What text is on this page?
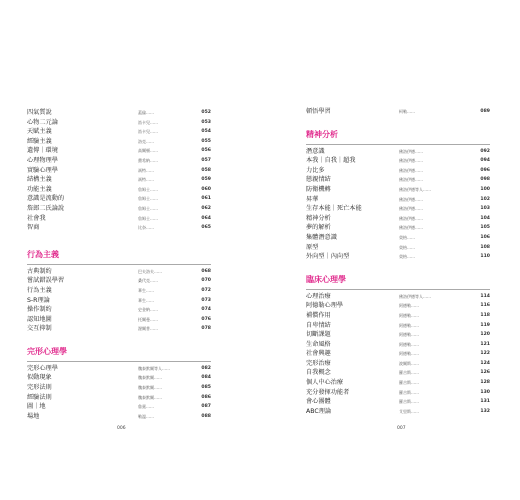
四氣質說	蓋倫……	052
心物二元論	笛卡兒……	053
天賦主義	笛卡兒……	054
經驗主義	洛克……	055
遺傳｜環境	高爾頓……	056
心理物理學	費希納……	057
實驗心理學	馮特……	058
結構主義	馮特……	059
功能主義	詹姆士……	060
意識是流動的	詹姆士……	061
詹郎二氏論說	詹姆士……	062
社會我	詹姆士……	064
智商	比奈……	065
行為主義
古典制約	巴夫洛夫……	068
嘗試錯誤學習	桑代克……	070
行為主義	華生……	072
S-R理論	華生……	073
操作制約	史金納……	074
認知地圖	托爾曼……	076
交互抑制	渥爾普……	078
完形心理學
完形心理學	魏泰默爾等人……	082
似動現象	魏泰默爾……	084
完形法則	魏泰默爾……	085
經驗法則	魏泰默爾……	086
圖｜地	魯賓……	087
場地	勒溫……	088
006
頓悟學習	柯勒……	089
精神分析
潛意識	佛洛伊德……	092
本我｜自我｜超我	佛洛伊德……	094
力比多	佛洛伊德……	096
戀親情結	佛洛伊德……	098
防衛機轉	佛洛伊德等人……	100
昇華	佛洛伊德……	102
生存本能｜死亡本能	佛洛伊德……	103
精神分析	佛洛伊德……	104
夢的解析	佛洛伊德……	105
集體潛意識	榮格……	106
原型	榮格……	108
外向型｜內向型	榮格……	110
臨床心理學
心理治療	佛洛伊德等人……	114
阿德勒心理學	阿德勒……	116
補償作用	阿德勒……	118
自卑情結	阿德勒……	119
切斷課題	阿德勒……	120
生命風格	阿德勒……	121
社會興趣	阿德勒……	122
完形治療	波爾斯……	124
自我概念	羅吉斯……	126
個人中心治療	羅吉斯……	128
充分發揮功能者	羅吉斯……	130
會心團體	羅吉斯……	131
ABC理論	艾里斯……	132
007
